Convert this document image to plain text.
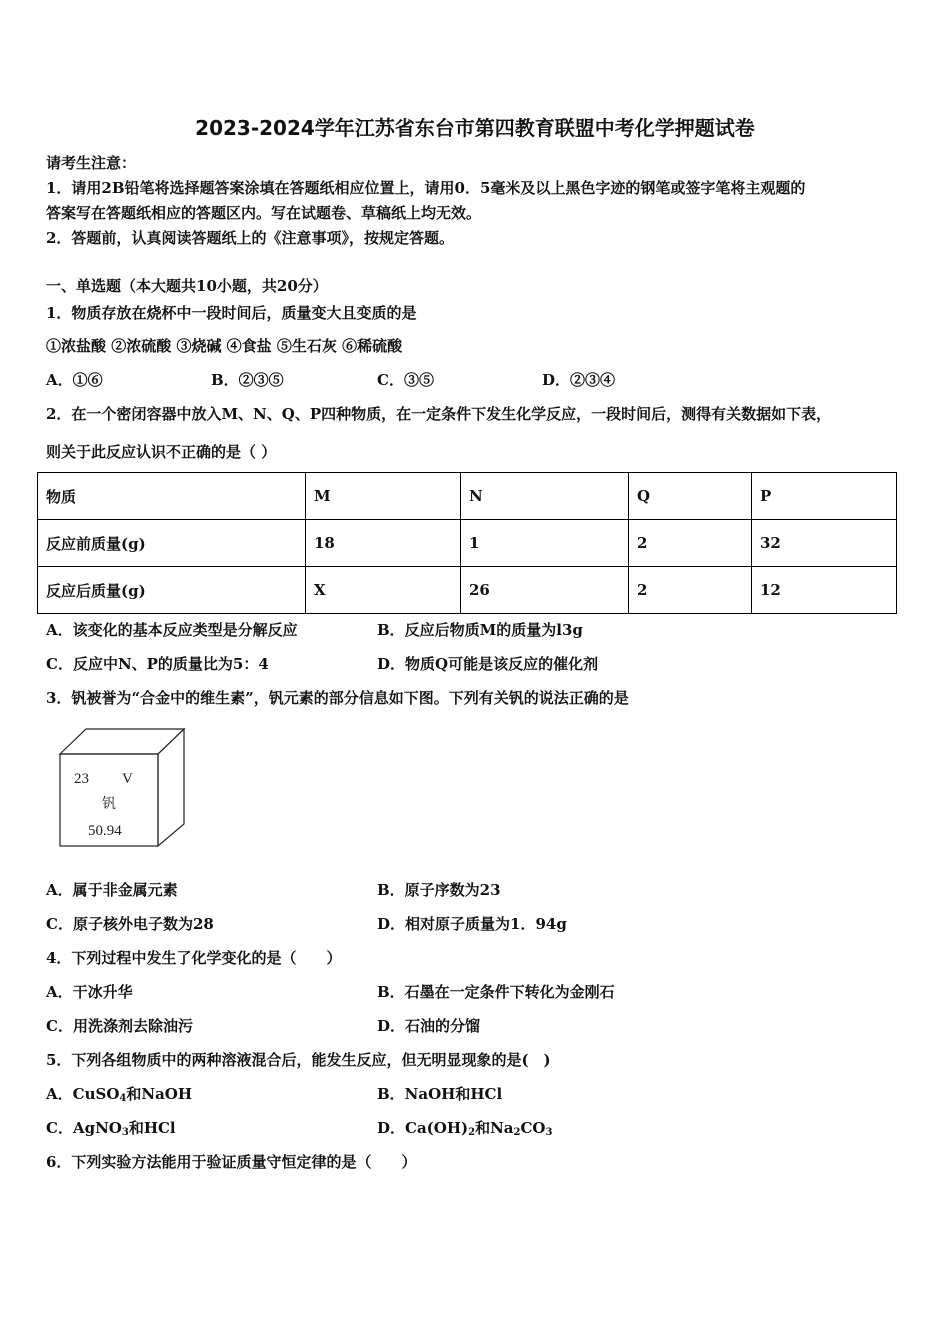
2023-2024学年江苏省东台市第四教育联盟中考化学押题试卷
请考生注意：
1．请用2B铅笔将选择题答案涂填在答题纸相应位置上，请用0．5毫米及以上黑色字迹的钢笔或签字笔将主观题的
答案写在答题纸相应的答题区内。写在试题卷、草稿纸上均无效。
2．答题前，认真阅读答题纸上的《注意事项》，按规定答题。
一、单选题（本大题共10小题，共20分）
1．物质存放在烧杯中一段时间后，质量变大且变质的是
①浓盐酸 ②浓硫酸 ③烧碱 ④食盐 ⑤生石灰 ⑥稀硫酸
A．①⑥	B．②③⑤	C．③⑤	D．②③④
2．在一个密闭容器中放入M、N、Q、P四种物质，在一定条件下发生化学反应，一段时间后，测得有关数据如下表，
则关于此反应认识不正确的是（ ）
物质	M	N	Q	P
反应前质量(g)	18	1	2	32
反应后质量(g)	X	26	2	12
A．该变化的基本反应类型是分解反应	B．反应后物质M的质量为l3g
C．反应中N、P的质量比为5：4	D．物质Q可能是该反应的催化剂
3．钒被誉为“合金中的维生素”，钒元素的部分信息如下图。下列有关钒的说法正确的是
23 V
钒
50.94
A．属于非金属元素	B．原子序数为23
C．原子核外电子数为28	D．相对原子质量为1．94g
4．下列过程中发生了化学变化的是（　　）
A．干冰升华	B．石墨在一定条件下转化为金刚石
C．用洗涤剂去除油污	D．石油的分馏
5．下列各组物质中的两种溶液混合后，能发生反应，但无明显现象的是(　)
A．CuSO$_4$和NaOH	B．NaOH和HCl
C．AgNO$_3$和HCl	D．$Ca(OH)_2$和$Na_2CO_3$
6．下列实验方法能用于验证质量守恒定律的是（　　）
